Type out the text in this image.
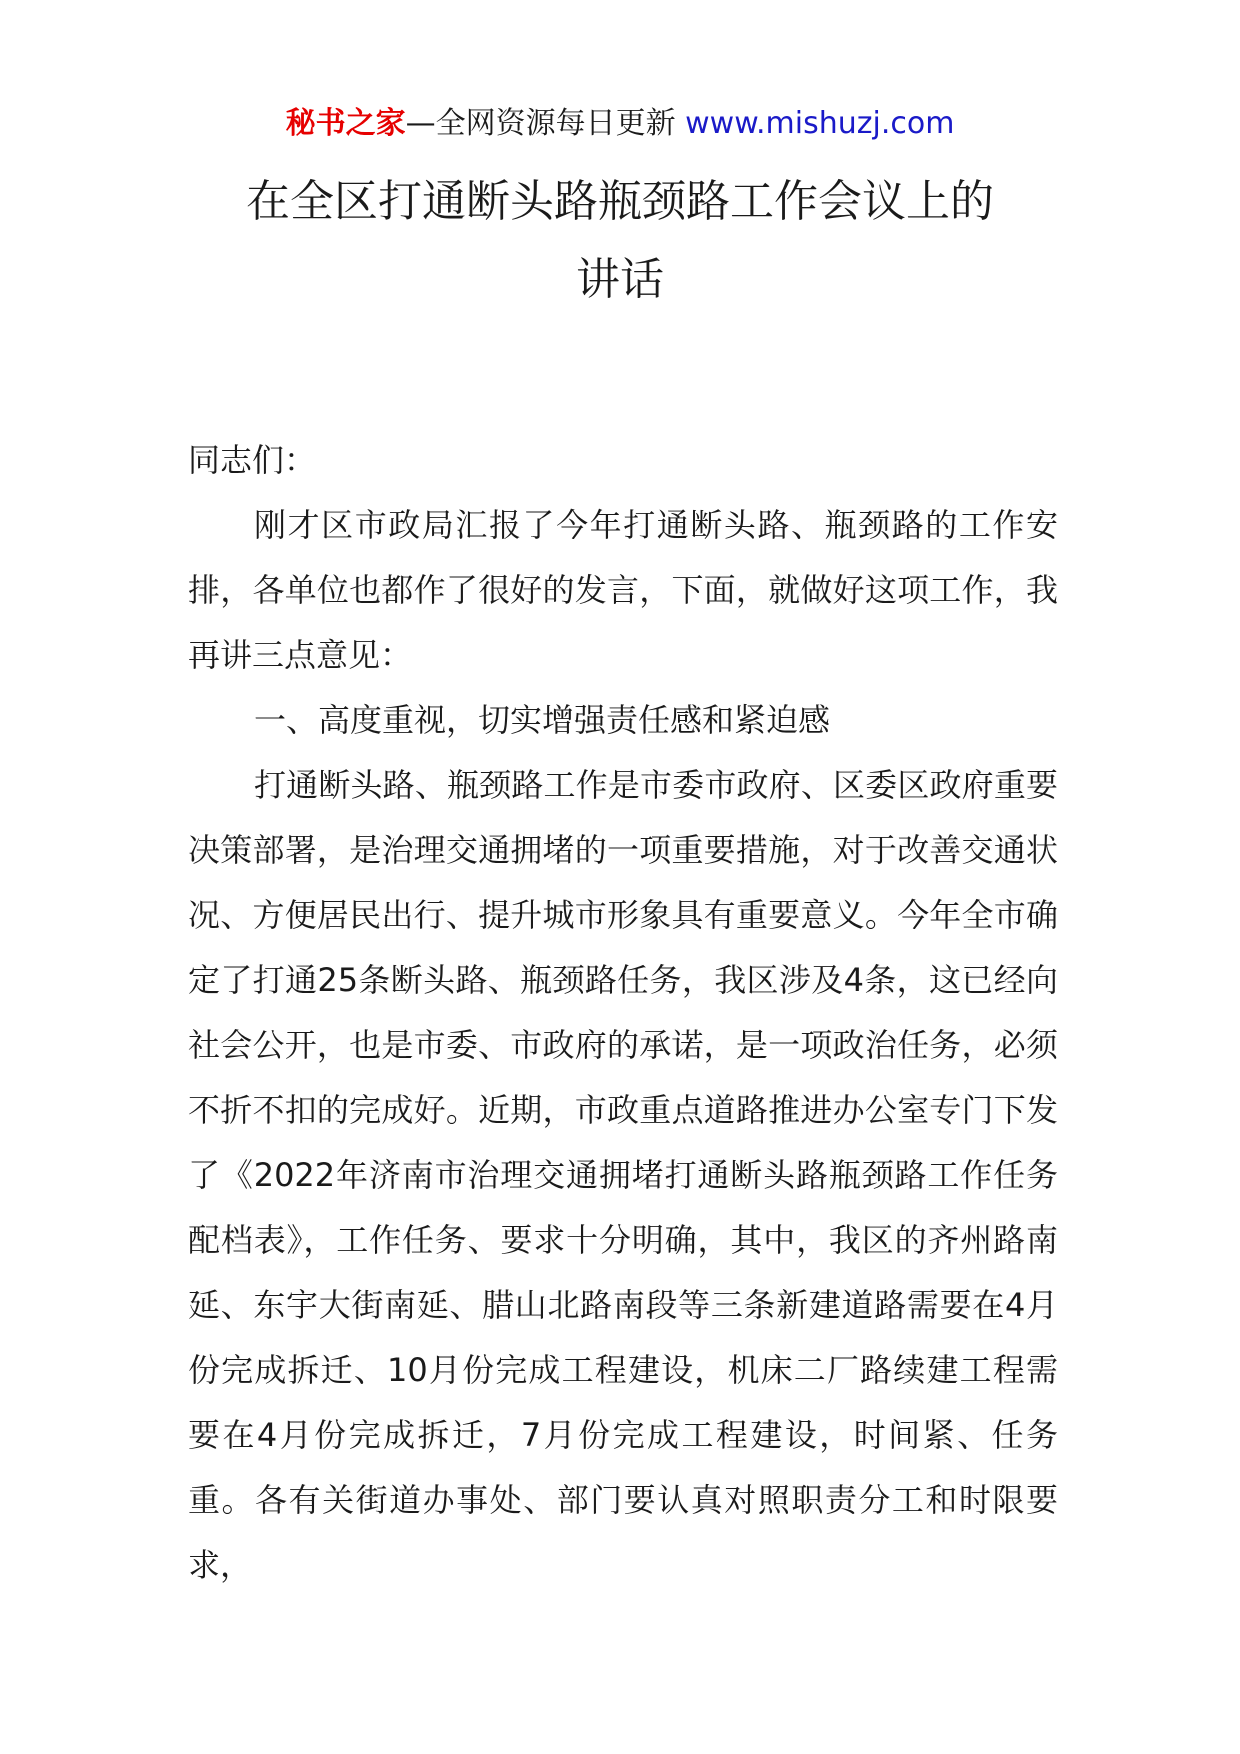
秘书之家—全网资源每日更新 www.mishuzj.com
在全区打通断头路瓶颈路工作会议上的
讲话

同志们：

刚才区市政局汇报了今年打通断头路、瓶颈路的工作安排，各单位也都作了很好的发言，下面，就做好这项工作，我再讲三点意见：

一、高度重视，切实增强责任感和紧迫感

打通断头路、瓶颈路工作是市委市政府、区委区政府重要决策部署，是治理交通拥堵的一项重要措施，对于改善交通状况、方便居民出行、提升城市形象具有重要意义。今年全市确定了打通25条断头路、瓶颈路任务，我区涉及4条，这已经向社会公开，也是市委、市政府的承诺，是一项政治任务，必须不折不扣的完成好。近期，市政重点道路推进办公室专门下发了《2022年济南市治理交通拥堵打通断头路瓶颈路工作任务配档表》，工作任务、要求十分明确，其中，我区的齐州路南延、东宇大街南延、腊山北路南段等三条新建道路需要在4月份完成拆迁、10月份完成工程建设，机床二厂路续建工程需要在4月份完成拆迁，7月份完成工程建设，时间紧、任务重。各有关街道办事处、部门要认真对照职责分工和时限要求，
